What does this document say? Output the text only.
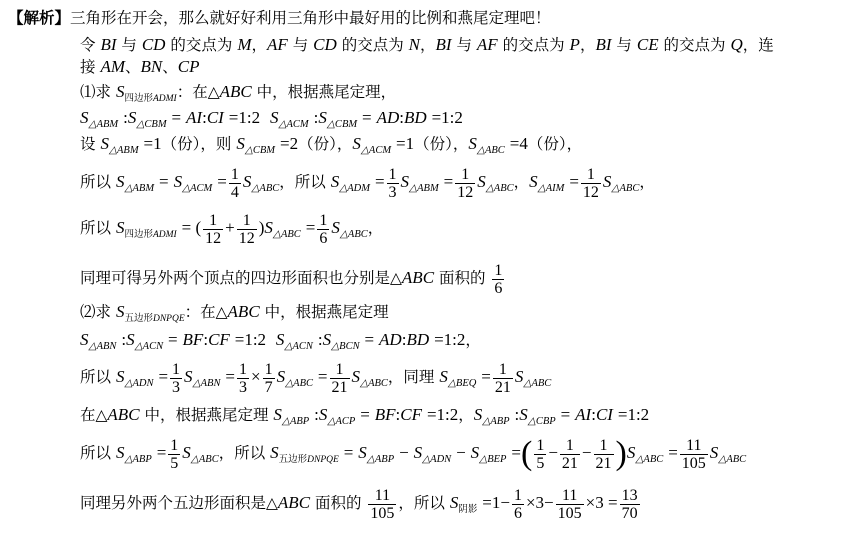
【解析】三角形在开会，那么就好好利用三角形中最好用的比例和燕尾定理吧！
令 BI 与 CD 的交点为 M，AF 与 CD 的交点为 N，BI 与 AF 的交点为 P，BI 与 CE 的交点为 Q，连
接 AM、BN、CP
⑴求 $S_{四边形ADMI}$：在△ABC 中，根据燕尾定理，
$S_{\triangle ABM}$ $:S_{\triangle CBM}$ = AI:CI =1:2 $S_{\triangle ACM}$ $:S_{\triangle CBM}$ = AD:BD =1:2
设 $S_{\triangle ABM} =1$（份），则 $S_{\triangle CBM} =2$（份），$S_{\triangle ACM} =1$（份），$S_{\triangle ABC} =4$（份），
所以 $S_{\triangle ABM} = S_{\triangle ACM} = \frac{1}{4} S_{\triangle ABC}$，所以 $S_{\triangle ADM} = \frac{1}{3} S_{\triangle ABM} = \frac{1}{12} S_{\triangle ABC}$，$S_{\triangle AIM} = \frac{1}{12} S_{\triangle ABC}$，
所以 $S_{四边形ADMI}$ = ( $\frac{1}{12} + \frac{1}{12} )S_{\triangle ABC} = \frac{1}{6} S_{\triangle ABC}$，
同理可得另外两个顶点的四边形面积也分别是△ABC 面积的 $\frac{1}{6}$
⑵求 $S_{五边形DNPQE}$：在△ABC 中，根据燕尾定理
$S_{\triangle ABN}$ $:S_{\triangle ACN}$ = BF:CF =1:2 $S_{\triangle ACN}$ $:S_{\triangle BCN}$ = AD:BD =1:2，
所以 $S_{\triangle ADN} = \frac{1}{3} S_{\triangle ABN} = \frac{1}{3} \times \frac{1}{7} S_{\triangle ABC} = \frac{1}{21} S_{\triangle ABC}$，同理 $S_{\triangle BEQ} = \frac{1}{21} S_{\triangle ABC}$
在△ABC 中，根据燕尾定理 $S_{\triangle ABP}$ $:S_{\triangle ACP}$ = BF:CF =1:2，$S_{\triangle ABP}$ $:S_{\triangle CBP}$ = AI:CI =1:2
所以 $S_{\triangle ABP} = \frac{1}{5} S_{\triangle ABC}$，所以 $S_{五边形DNPQE} = S_{\triangle ABP} - S_{\triangle ADN} - S_{\triangle BEP}$ =( $\frac{1}{5} - \frac{1}{21} - \frac{1}{21} )S_{\triangle ABC} = \frac{11}{105} S_{\triangle ABC}$
同理另外两个五边形面积是△ABC 面积的 $\frac{11}{105}$ ，所以 $S_{阴影} =1- \frac{1}{6} \times 3- \frac{11}{105} \times 3 = \frac{13}{70}$
